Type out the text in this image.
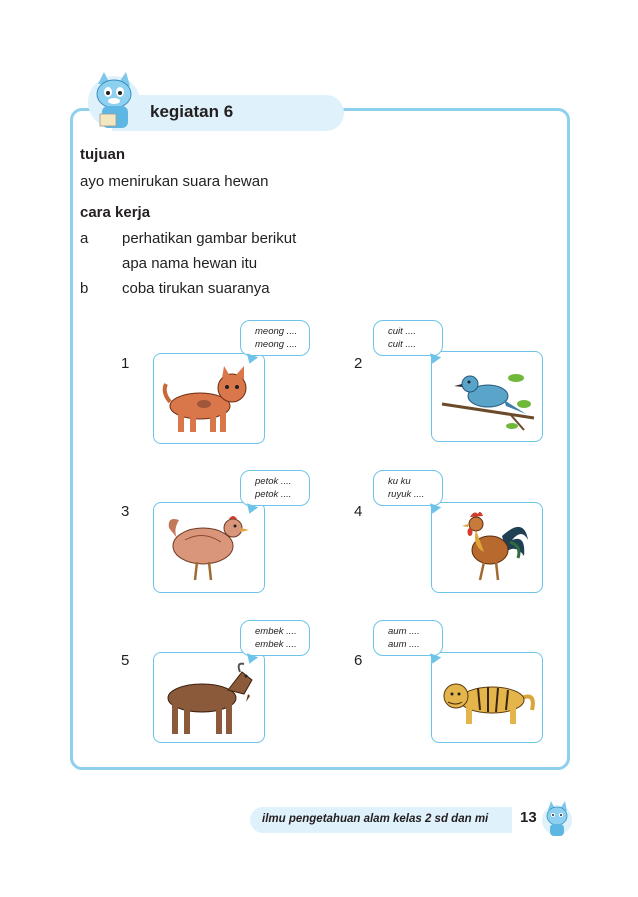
kegiatan 6
tujuan
ayo menirukan suara hewan
cara kerja
a perhatikan gambar berikut
apa nama hewan itu
b coba tirukan suaranya
1
meong ....
meong ....
2
cuit ....
cuit ....
3
petok ....
petok ....
4
ku ku
ruyuk ....
5
embek ....
embek ....
6
aum ....
aum ....
ilmu pengetahuan alam kelas 2 sd dan mi 13
